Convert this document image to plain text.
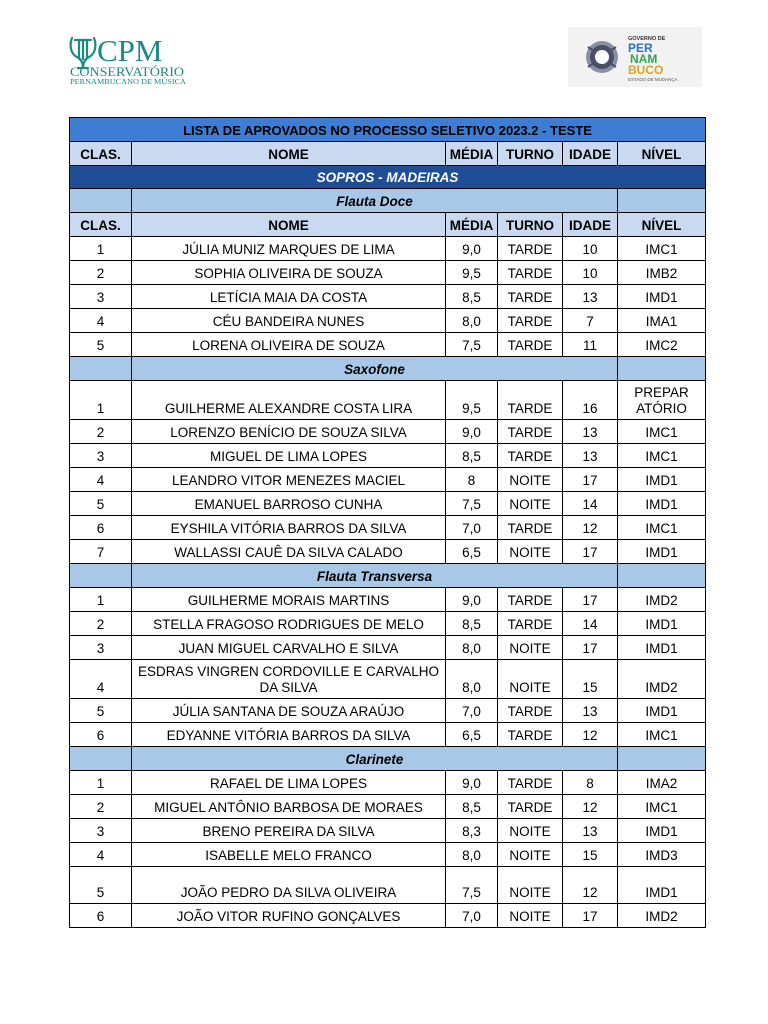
CPM
CONSERVATÓRIO
PERNAMBUCANO DE MÚSICA
GOVERNO DE
PER
NAM
BUCO
ESTADO DE MUDANÇA
LISTA DE APROVADOS NO PROCESSO SELETIVO 2023.2 - TESTE					
CLAS.	NOME	MÉDIA	TURNO	IDADE	NÍVEL
SOPROS - MADEIRAS					
	Flauta Doce				
CLAS.	NOME	MÉDIA	TURNO	IDADE	NÍVEL
1	JÚLIA MUNIZ MARQUES DE LIMA	9,0	TARDE	10	IMC1
2	SOPHIA OLIVEIRA DE SOUZA	9,5	TARDE	10	IMB2
3	LETÍCIA MAIA DA COSTA	8,5	TARDE	13	IMD1
4	CÉU BANDEIRA NUNES	8,0	TARDE	7	IMA1
5	LORENA OLIVEIRA DE SOUZA	7,5	TARDE	11	IMC2
	Saxofone				
1	GUILHERME ALEXANDRE COSTA LIRA	9,5	TARDE	16	PREPARATÓRIO
2	LORENZO BENÍCIO DE SOUZA SILVA	9,0	TARDE	13	IMC1
3	MIGUEL DE LIMA LOPES	8,5	TARDE	13	IMC1
4	LEANDRO VITOR MENEZES MACIEL	8	NOITE	17	IMD1
5	EMANUEL BARROSO CUNHA	7,5	NOITE	14	IMD1
6	EYSHILA VITÓRIA BARROS DA SILVA	7,0	TARDE	12	IMC1
7	WALLASSI CAUÊ DA SILVA CALADO	6,5	NOITE	17	IMD1
	Flauta Transversa				
1	GUILHERME MORAIS MARTINS	9,0	TARDE	17	IMD2
2	STELLA FRAGOSO RODRIGUES DE MELO	8,5	TARDE	14	IMD1
3	JUAN MIGUEL CARVALHO E SILVA	8,0	NOITE	17	IMD1
4	ESDRAS VINGREN CORDOVILLE E CARVALHO DA SILVA	8,0	NOITE	15	IMD2
5	JÚLIA SANTANA DE SOUZA ARAÚJO	7,0	TARDE	13	IMD1
6	EDYANNE VITÓRIA BARROS DA SILVA	6,5	TARDE	12	IMC1
	Clarinete				
1	RAFAEL DE LIMA LOPES	9,0	TARDE	8	IMA2
2	MIGUEL ANTÔNIO BARBOSA DE MORAES	8,5	TARDE	12	IMC1
3	BRENO PEREIRA DA SILVA	8,3	NOITE	13	IMD1
4	ISABELLE MELO FRANCO	8,0	NOITE	15	IMD3
5	JOÃO PEDRO DA SILVA OLIVEIRA	7,5	NOITE	12	IMD1
6	JOÃO VITOR RUFINO GONÇALVES	7,0	NOITE	17	IMD2
